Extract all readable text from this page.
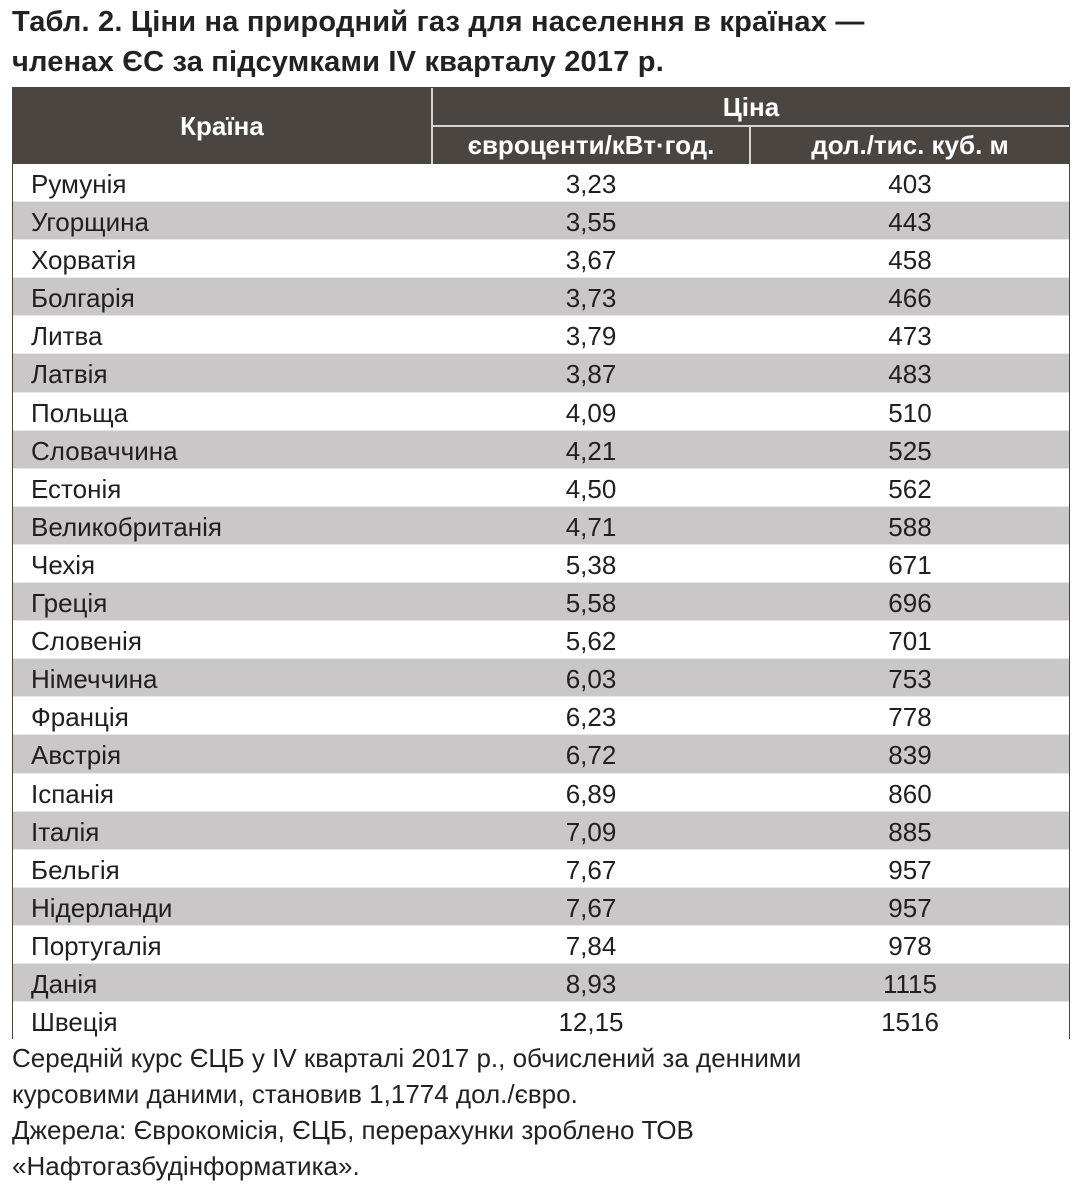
Табл. 2. Ціни на природний газ для населення в країнах —
членах ЄС за підсумками IV кварталу 2017 р.
Країна
Ціна
євроценти/кВт·год.	дол./тис. куб. м
Румунія	3,23	403
Угорщина	3,55	443
Хорватія	3,67	458
Болгарія	3,73	466
Литва	3,79	473
Латвія	3,87	483
Польща	4,09	510
Словаччина	4,21	525
Естонія	4,50	562
Великобританія	4,71	588
Чехія	5,38	671
Греція	5,58	696
Словенія	5,62	701
Німеччина	6,03	753
Франція	6,23	778
Австрія	6,72	839
Іспанія	6,89	860
Італія	7,09	885
Бельгія	7,67	957
Нідерланди	7,67	957
Португалія	7,84	978
Данія	8,93	1115
Швеція	12,15	1516
Середній курс ЄЦБ у IV кварталі 2017 р., обчислений за денними
курсовими даними, становив 1,1774 дол./євро.
Джерела: Єврокомісія, ЄЦБ, перерахунки зроблено ТОВ
«Нафтогазбудінформатика».
